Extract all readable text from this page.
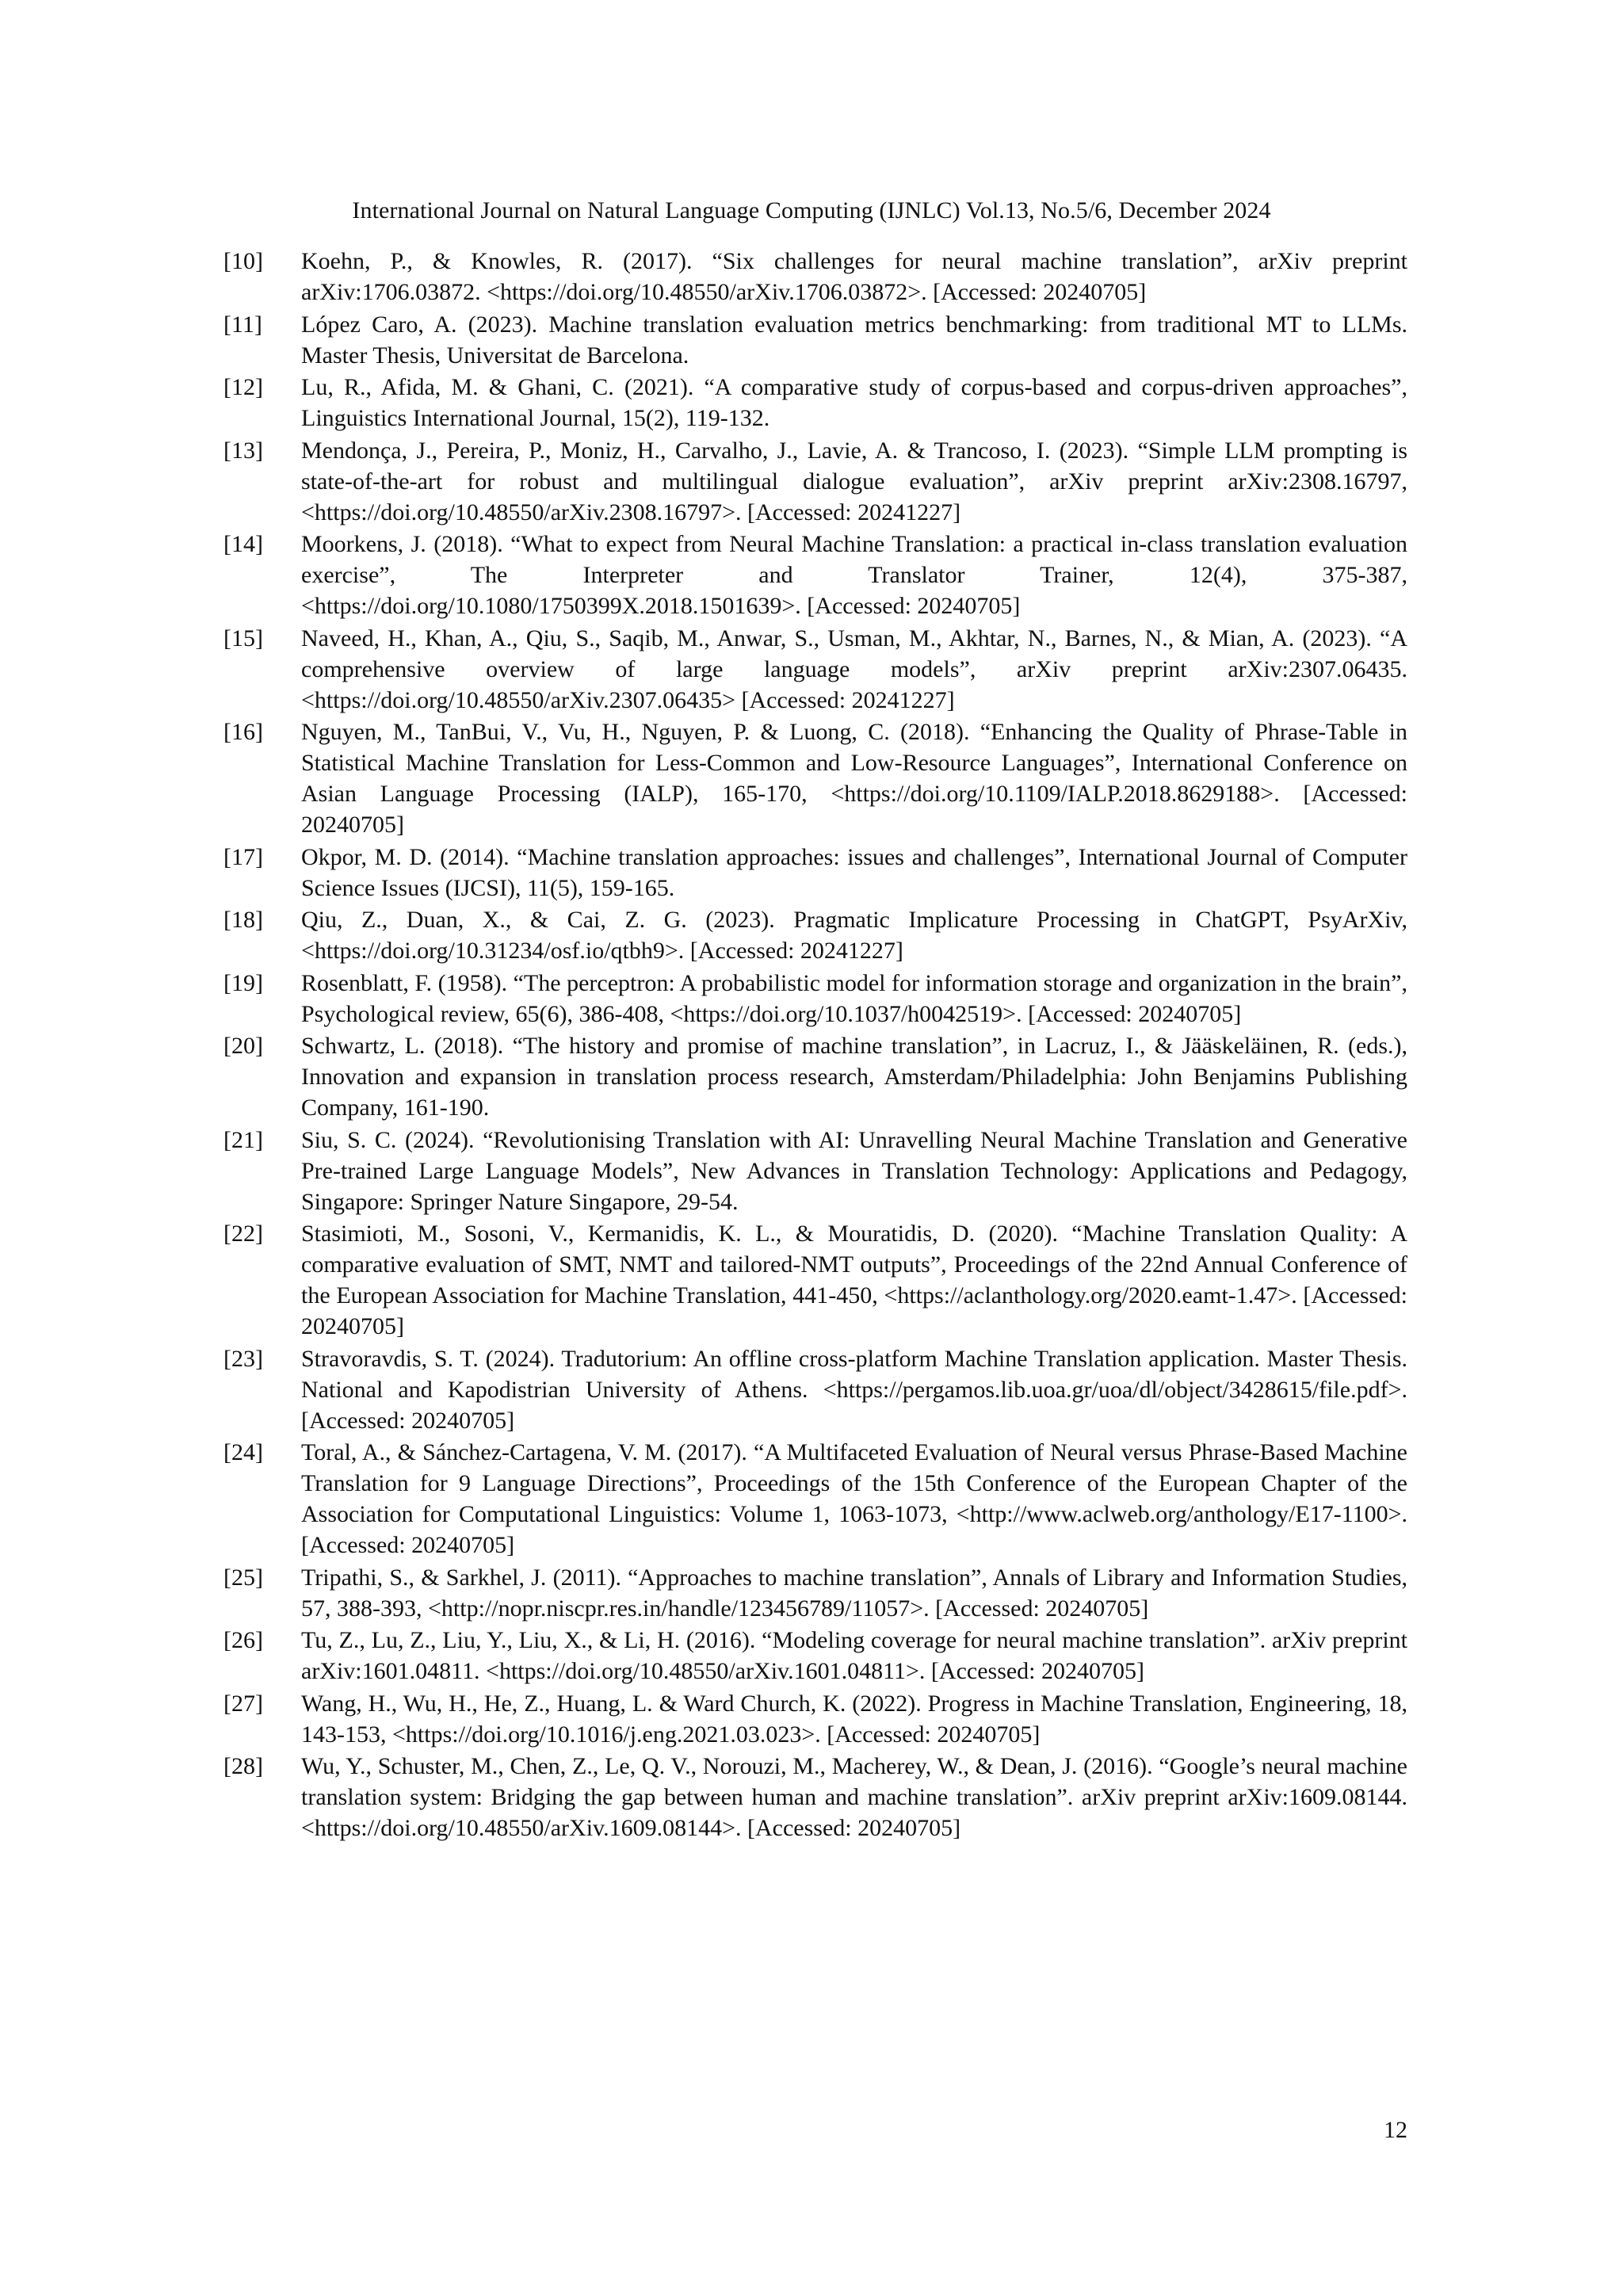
International Journal on Natural Language Computing (IJNLC) Vol.13, No.5/6, December 2024
[10]	Koehn, P., & Knowles, R. (2017). “Six challenges for neural machine translation”, arXiv preprint arXiv:1706.03872. <https://doi.org/10.48550/arXiv.1706.03872>. [Accessed: 20240705]
[11]	López Caro, A. (2023). Machine translation evaluation metrics benchmarking: from traditional MT to LLMs. Master Thesis, Universitat de Barcelona.
[12]	Lu, R., Afida, M. & Ghani, C. (2021). “A comparative study of corpus-based and corpus-driven approaches”, Linguistics International Journal, 15(2), 119-132.
[13]	Mendonça, J., Pereira, P., Moniz, H., Carvalho, J., Lavie, A. & Trancoso, I. (2023). “Simple LLM prompting is state-of-the-art for robust and multilingual dialogue evaluation”, arXiv preprint arXiv:2308.16797, <https://doi.org/10.48550/arXiv.2308.16797>. [Accessed: 20241227]
[14]	Moorkens, J. (2018). “What to expect from Neural Machine Translation: a practical in-class translation evaluation exercise”, The Interpreter and Translator Trainer, 12(4), 375-387, <https://doi.org/10.1080/1750399X.2018.1501639>. [Accessed: 20240705]
[15]	Naveed, H., Khan, A., Qiu, S., Saqib, M., Anwar, S., Usman, M., Akhtar, N., Barnes, N., & Mian, A. (2023). “A comprehensive overview of large language models”, arXiv preprint arXiv:2307.06435. <https://doi.org/10.48550/arXiv.2307.06435> [Accessed: 20241227]
[16]	Nguyen, M., TanBui, V., Vu, H., Nguyen, P. & Luong, C. (2018). “Enhancing the Quality of Phrase-Table in Statistical Machine Translation for Less-Common and Low-Resource Languages”, International Conference on Asian Language Processing (IALP), 165-170, <https://doi.org/10.1109/IALP.2018.8629188>. [Accessed: 20240705]
[17]	Okpor, M. D. (2014). “Machine translation approaches: issues and challenges”, International Journal of Computer Science Issues (IJCSI), 11(5), 159-165.
[18]	Qiu, Z., Duan, X., & Cai, Z. G. (2023). Pragmatic Implicature Processing in ChatGPT, PsyArXiv, <https://doi.org/10.31234/osf.io/qtbh9>. [Accessed: 20241227]
[19]	Rosenblatt, F. (1958). “The perceptron: A probabilistic model for information storage and organization in the brain”, Psychological review, 65(6), 386-408, <https://doi.org/10.1037/h0042519>. [Accessed: 20240705]
[20]	Schwartz, L. (2018). “The history and promise of machine translation”, in Lacruz, I., & Jääskeläinen, R. (eds.), Innovation and expansion in translation process research, Amsterdam/Philadelphia: John Benjamins Publishing Company, 161-190.
[21]	Siu, S. C. (2024). “Revolutionising Translation with AI: Unravelling Neural Machine Translation and Generative Pre-trained Large Language Models”, New Advances in Translation Technology: Applications and Pedagogy, Singapore: Springer Nature Singapore, 29-54.
[22]	Stasimioti, M., Sosoni, V., Kermanidis, K. L., & Mouratidis, D. (2020). “Machine Translation Quality: A comparative evaluation of SMT, NMT and tailored-NMT outputs”, Proceedings of the 22nd Annual Conference of the European Association for Machine Translation, 441-450, <https://aclanthology.org/2020.eamt-1.47>. [Accessed: 20240705]
[23]	Stravoravdis, S. T. (2024). Tradutorium: An offline cross-platform Machine Translation application. Master Thesis. National and Kapodistrian University of Athens. <https://pergamos.lib.uoa.gr/uoa/dl/object/3428615/file.pdf>. [Accessed: 20240705]
[24]	Toral, A., & Sánchez-Cartagena, V. M. (2017). “A Multifaceted Evaluation of Neural versus Phrase-Based Machine Translation for 9 Language Directions”, Proceedings of the 15th Conference of the European Chapter of the Association for Computational Linguistics: Volume 1, 1063-1073, <http://www.aclweb.org/anthology/E17-1100>. [Accessed: 20240705]
[25]	Tripathi, S., & Sarkhel, J. (2011). “Approaches to machine translation”, Annals of Library and Information Studies, 57, 388-393, <http://nopr.niscpr.res.in/handle/123456789/11057>. [Accessed: 20240705]
[26]	Tu, Z., Lu, Z., Liu, Y., Liu, X., & Li, H. (2016). “Modeling coverage for neural machine translation”. arXiv preprint arXiv:1601.04811. <https://doi.org/10.48550/arXiv.1601.04811>. [Accessed: 20240705]
[27]	Wang, H., Wu, H., He, Z., Huang, L. & Ward Church, K. (2022). Progress in Machine Translation, Engineering, 18, 143-153, <https://doi.org/10.1016/j.eng.2021.03.023>. [Accessed: 20240705]
[28]	Wu, Y., Schuster, M., Chen, Z., Le, Q. V., Norouzi, M., Macherey, W., & Dean, J. (2016). “Google’s neural machine translation system: Bridging the gap between human and machine translation”. arXiv preprint arXiv:1609.08144. <https://doi.org/10.48550/arXiv.1609.08144>. [Accessed: 20240705]
12
